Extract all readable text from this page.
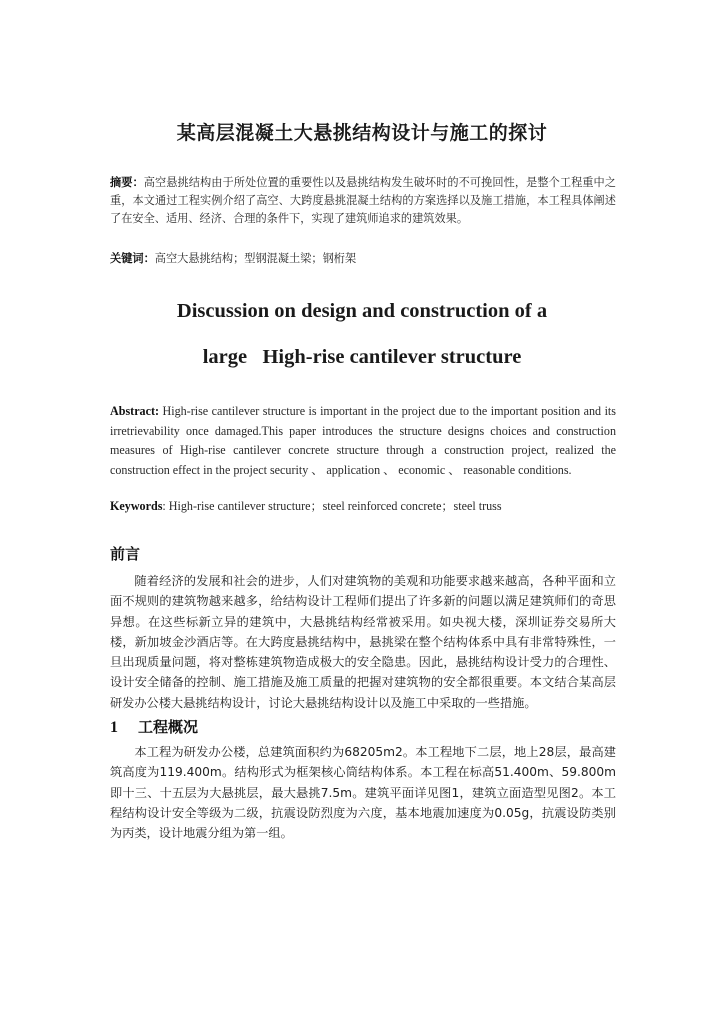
某高层混凝土大悬挑结构设计与施工的探讨
摘要：高空悬挑结构由于所处位置的重要性以及悬挑结构发生破坏时的不可挽回性，是整个工程重中之重，本文通过工程实例介绍了高空、大跨度悬挑混凝土结构的方案选择以及施工措施，本工程具体阐述了在安全、适用、经济、合理的条件下，实现了建筑师追求的建筑效果。
关键词：高空大悬挑结构；型钢混凝土梁；钢桁架
Discussion on design and construction of a
large   High-rise cantilever structure
Abstract: High-rise cantilever structure is important in the project due to the important position and its irretrievability once damaged.This paper introduces the structure designs choices and construction measures of High-rise cantilever concrete structure through a construction project, realized the construction effect in the project security 、 application 、 economic 、 reasonable conditions.
Keywords: High-rise cantilever structure；steel reinforced concrete；steel truss
前言

随着经济的发展和社会的进步，人们对建筑物的美观和功能要求越来越高，各种平面和立面不规则的建筑物越来越多，给结构设计工程师们提出了许多新的问题以满足建筑师们的奇思异想。在这些标新立异的建筑中，大悬挑结构经常被采用。如央视大楼，深圳证券交易所大楼，新加坡金沙酒店等。在大跨度悬挑结构中，悬挑梁在整个结构体系中具有非常特殊性，一旦出现质量问题，将对整栋建筑物造成极大的安全隐患。因此，悬挑结构设计受力的合理性、设计安全储备的控制、施工措施及施工质量的把握对建筑物的安全都很重要。本文结合某高层研发办公楼大悬挑结构设计，讨论大悬挑结构设计以及施工中采取的一些措施。

1 工程概况

本工程为研发办公楼，总建筑面积约为68205m2。本工程地下二层，地上28层，最高建筑高度为119.400m。结构形式为框架核心筒结构体系。本工程在标高51.400m、59.800m即十三、十五层为大悬挑层，最大悬挑7.5m。建筑平面详见图1，建筑立面造型见图2。本工程结构设计安全等级为二级，抗震设防烈度为六度，基本地震加速度为0.05g，抗震设防类别为丙类，设计地震分组为第一组。
